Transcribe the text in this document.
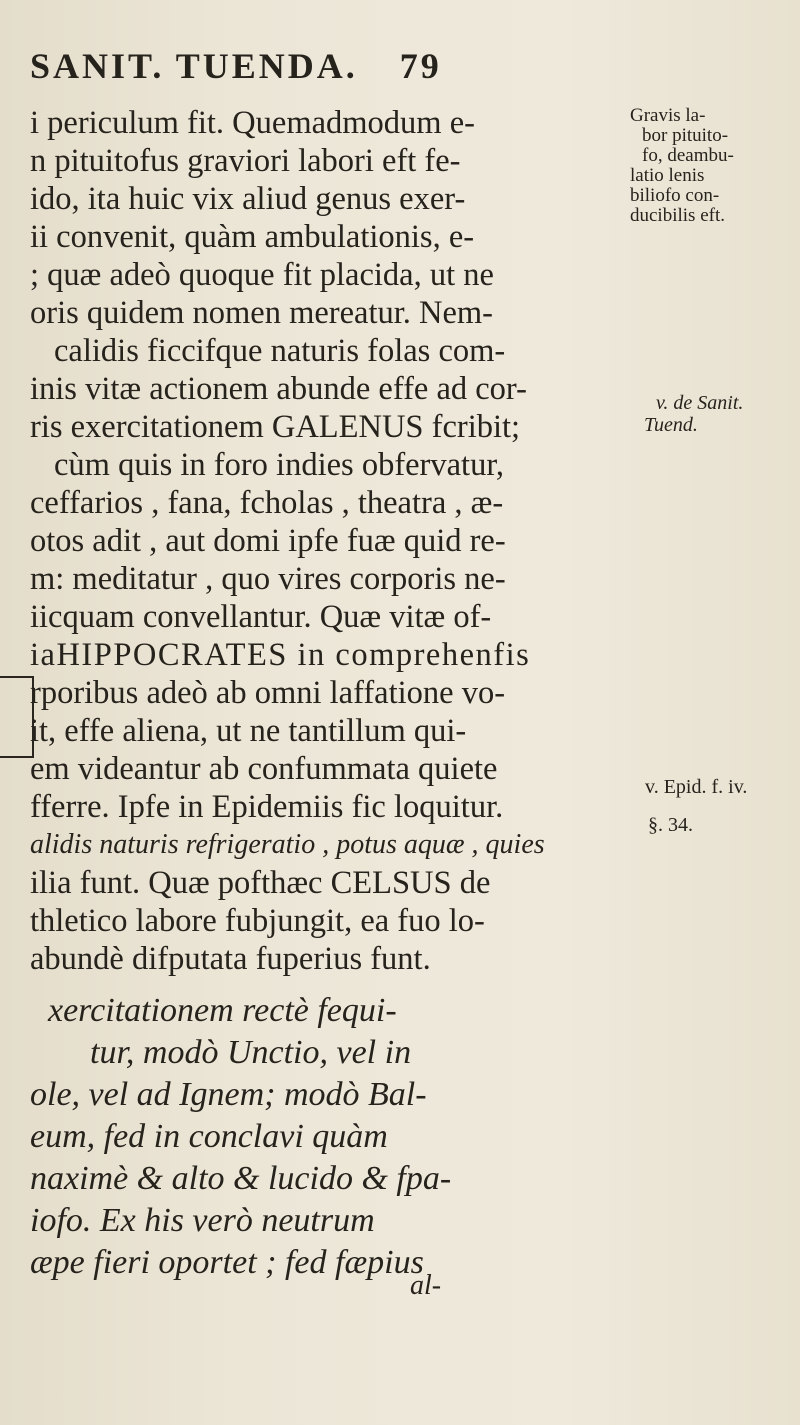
SANIT. TUENDA. 79
Gravis la-
bor pituito-
fo, deambu-
latio lenis
biliofo con-
ducibilis eft.
v. de Sanit.
Tuend.
v. Epid. f. iv.
§. 34.
i periculum fit. Quemadmodum e-
n pituitofus graviori labori eft fe-
ido, ita huic vix aliud genus exer-
ii convenit, quàm ambulationis, e-
; quæ adeò quoque fit placida, ut ne
oris quidem nomen mereatur. Nem-
calidis ficcifque naturis folas com-
inis vitæ actionem abunde effe ad cor-
ris exercitationem GALENUS fcribit;
cùm quis in foro indies obfervatur,
ceffarios , fana, fcholas , theatra , æ-
otos adit , aut domi ipfe fuæ quid re-
m: meditatur , quo vires corporis ne-
iicquam convellantur. Quæ vitæ of-
iaHIPPOCRATES in comprehenfis
rporibus adeò ab omni laffatione vo-
it, effe aliena, ut ne tantillum qui-
em videantur ab confummata quiete
fferre. Ipfe in Epidemiis fic loquitur.
alidis naturis refrigeratio , potus aquæ , quies
ilia funt. Quæ pofthæc CELSUS de
thletico labore fubjungit, ea fuo lo-
abundè difputata fuperius funt.
xercitationem rectè fequi-
tur, modò Unctio, vel in
ole, vel ad Ignem; modò Bal-
eum, fed in conclavi quàm
naximè & alto & lucido & fpa-
iofo. Ex his verò neutrum
æpe fieri oportet ; fed fæpius
al-
